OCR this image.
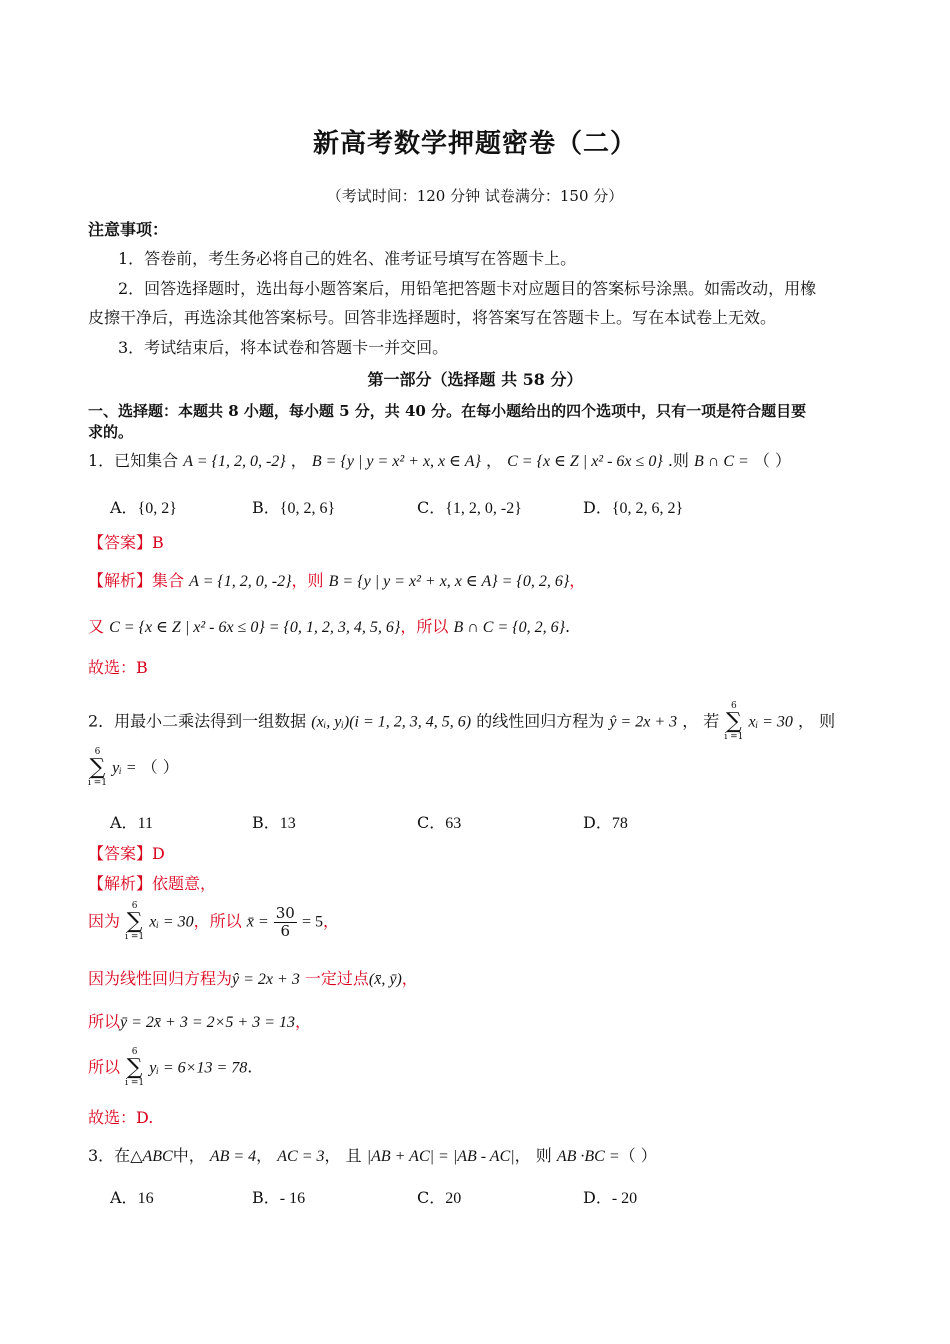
新高考数学押题密卷（二）
（考试时间：120 分钟 试卷满分：150 分）
注意事项：
1．答卷前，考生务必将自己的姓名、准考证号填写在答题卡上。
2．回答选择题时，选出每小题答案后，用铅笔把答题卡对应题目的答案标号涂黑。如需改动，用橡
皮擦干净后，再选涂其他答案标号。回答非选择题时，将答案写在答题卡上。写在本试卷上无效。
3．考试结束后，将本试卷和答题卡一并交回。
第一部分（选择题 共 58 分）
一、选择题：本题共 8 小题，每小题 5 分，共 40 分。在每小题给出的四个选项中，只有一项是符合题目要
求的。
1．已知集合 A = {1, 2, 0, -2} ， B = {y | y = x² + x, x ∈ A} ， C = {x ∈ Z | x² - 6x ≤ 0} .则 B ∩ C = （ ）
A．{0, 2}	B．{0, 2, 6}	C．{1, 2, 0, -2}	D．{0, 2, 6, 2}
【答案】B
【解析】集合 A = {1, 2, 0, -2}，则 B = {y | y = x² + x, x ∈ A} = {0, 2, 6}，
又 C = {x ∈ Z | x² - 6x ≤ 0} = {0, 1, 2, 3, 4, 5, 6}，所以 B ∩ C = {0, 2, 6}.
故选：B
2．用最小二乘法得到一组数据 (xᵢ, yᵢ)(i = 1, 2, 3, 4, 5, 6) 的线性回归方程为 ŷ = 2x + 3 ， 若
6
∑
i =1
xᵢ = 30 ， 则
6
∑
i =1
yᵢ = （ ）
A．11	B．13	C．63	D．78
【答案】D
【解析】依题意，
因为
6
∑
i =1
xᵢ = 30，所以 x̄ = $\frac{30}{6} = 5$，
因为线性回归方程为ŷ = 2x + 3 一定过点(x̄, ȳ)，
所以ȳ = 2x̄ + 3 = 2×5 + 3 = 13，
所以
6
∑
i =1
yᵢ = 6×13 = 78.
故选：D.
3．在△ABC中， AB = 4， AC = 3， 且 |AB + AC| = |AB - AC|， 则 AB ·BC =（ ）
A．16	B．- 16	C．20	D．- 20
